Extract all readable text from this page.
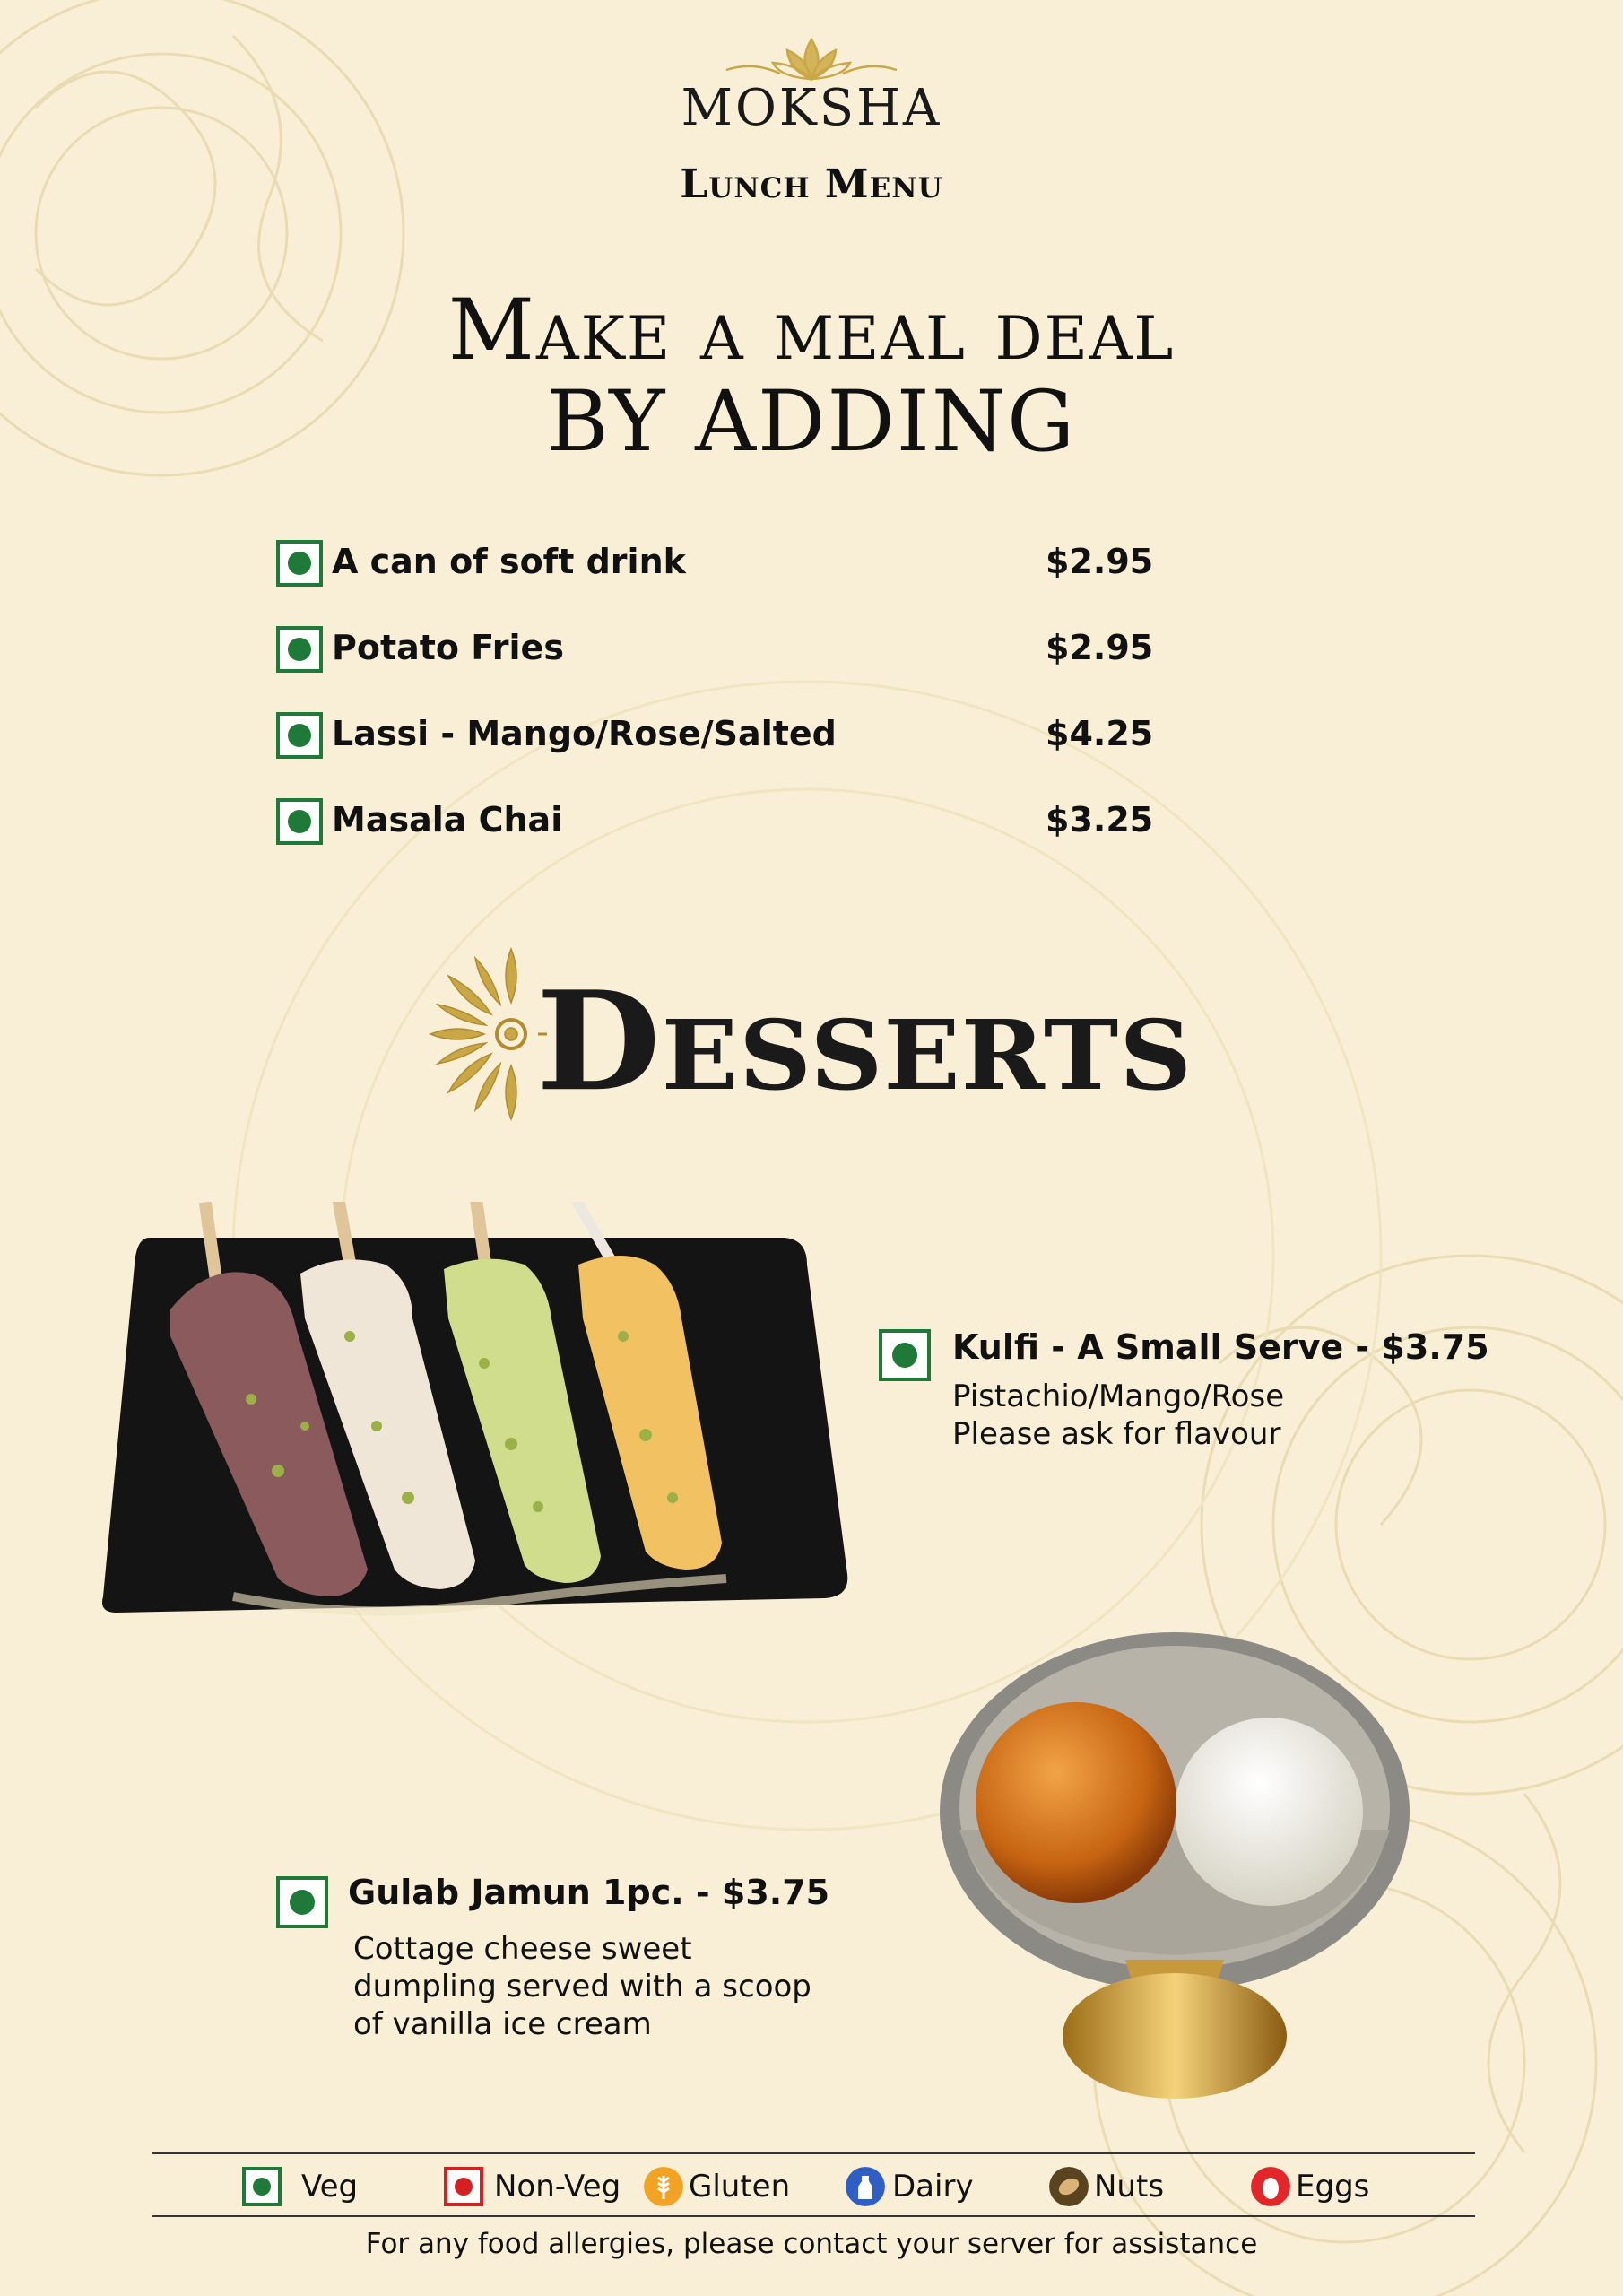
MOKSHA
Lunch Menu
Make a meal deal
BY ADDING
A can of soft drink	$2.95
Potato Fries	$2.95
Lassi - Mango/Rose/Salted	$4.25
Masala Chai	$3.25
Desserts
Kulfi - A Small Serve - $3.75
Pistachio/Mango/Rose
Please ask for flavour
Gulab Jamun 1pc. - $3.75
Cottage cheese sweet
dumpling served with a scoop
of vanilla ice cream
Veg	Non-Veg Gluten	Dairy	Nuts	Eggs
For any food allergies, please contact your server for assistance
